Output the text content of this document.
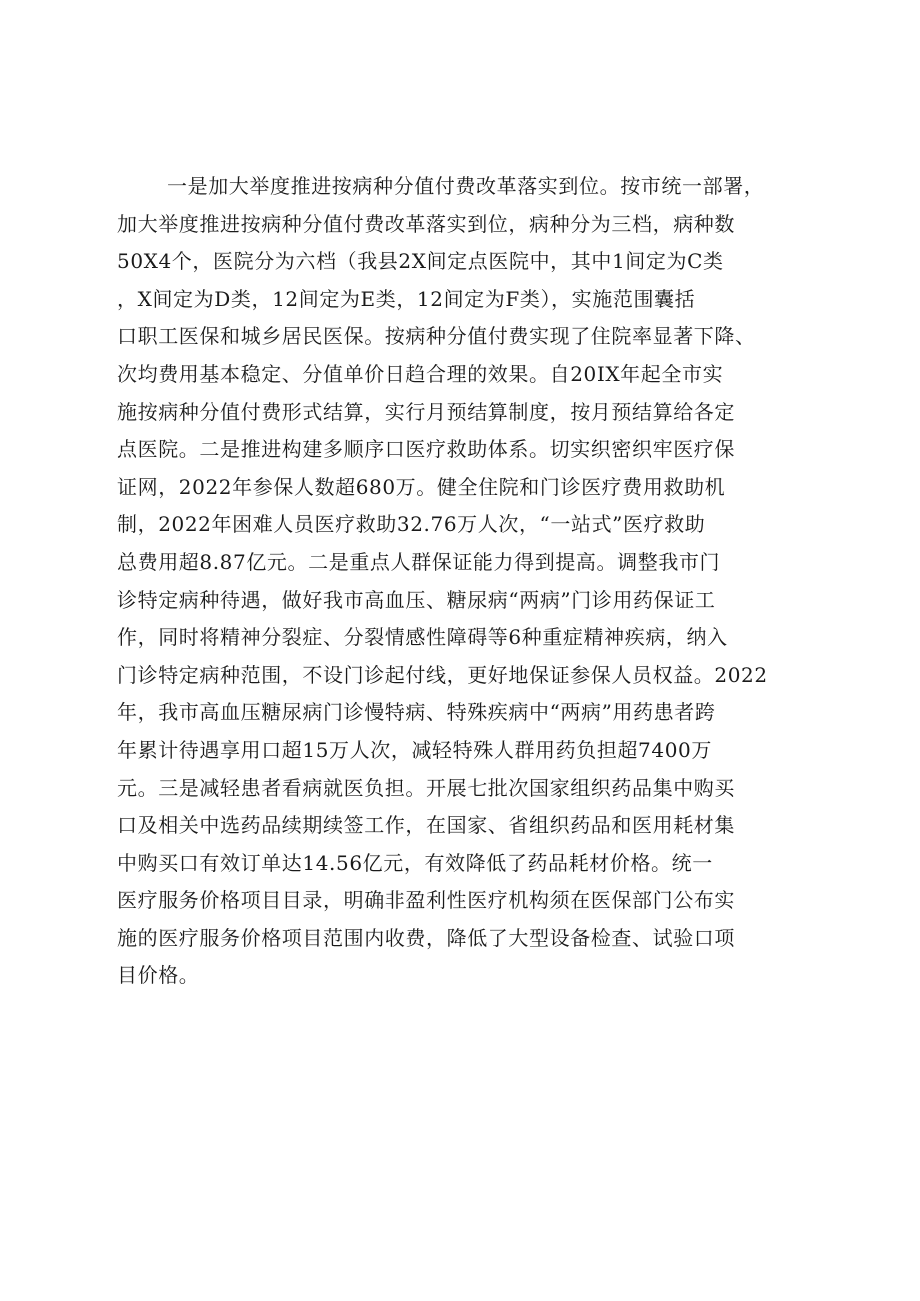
一是加大举度推进按病种分值付费改革落实到位。按市统一部署，
加大举度推进按病种分值付费改革落实到位，病种分为三档，病种数
50X4个，医院分为六档（我县2X间定点医院中，其中1间定为C类
，X间定为D类，12间定为E类，12间定为F类），实施范围囊括
口职工医保和城乡居民医保。按病种分值付费实现了住院率显著下降、
次均费用基本稳定、分值单价日趋合理的效果。自20IX年起全市实
施按病种分值付费形式结算，实行月预结算制度，按月预结算给各定
点医院。二是推进构建多顺序口医疗救助体系。切实织密织牢医疗保
证网，2022年参保人数超680万。健全住院和门诊医疗费用救助机
制，2022年困难人员医疗救助32.76万人次，“一站式”医疗救助
总费用超8.87亿元。二是重点人群保证能力得到提高。调整我市门
诊特定病种待遇，做好我市高血压、糖尿病“两病”门诊用药保证工
作，同时将精神分裂症、分裂情感性障碍等6种重症精神疾病，纳入
门诊特定病种范围，不设门诊起付线，更好地保证参保人员权益。2022
年，我市高血压糖尿病门诊慢特病、特殊疾病中“两病”用药患者跨
年累计待遇享用口超15万人次，减轻特殊人群用药负担超7400万
元。三是减轻患者看病就医负担。开展七批次国家组织药品集中购买
口及相关中选药品续期续签工作，在国家、省组织药品和医用耗材集
中购买口有效订单达14.56亿元，有效降低了药品耗材价格。统一
医疗服务价格项目目录，明确非盈利性医疗机构须在医保部门公布实
施的医疗服务价格项目范围内收费，降低了大型设备检查、试验口项
目价格。
